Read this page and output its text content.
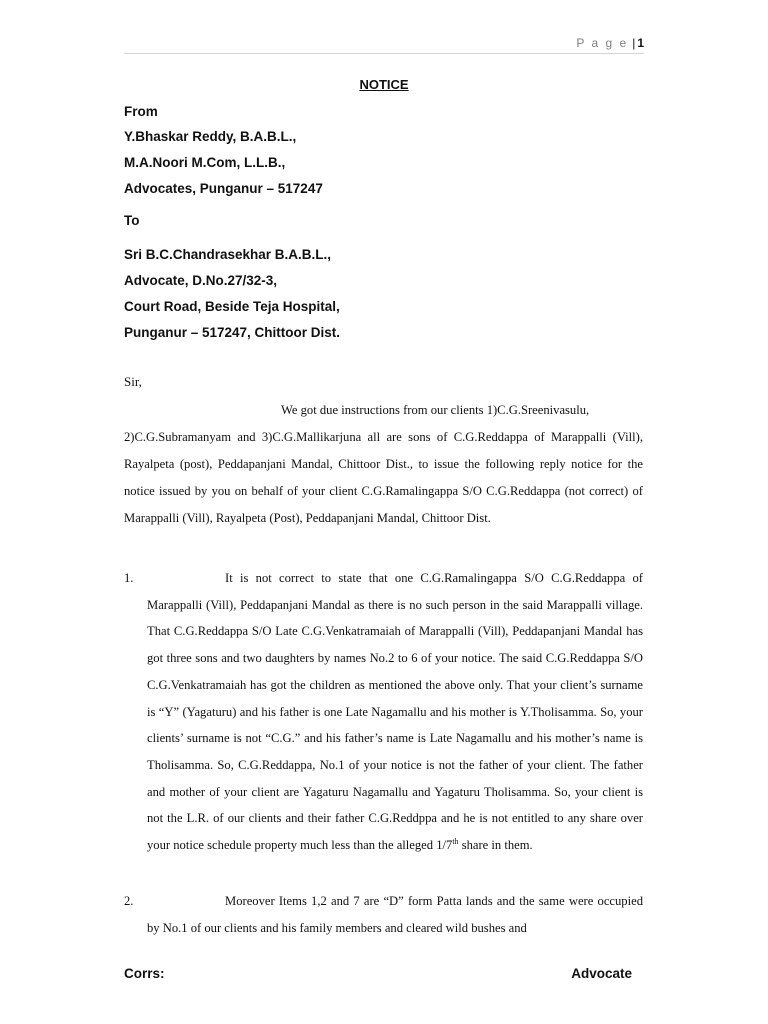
P a g e | 1
NOTICE
From
Y.Bhaskar Reddy, B.A.B.L.,
M.A.Noori M.Com, L.L.B.,
Advocates, Punganur – 517247
To
Sri B.C.Chandrasekhar B.A.B.L.,
Advocate, D.No.27/32-3,
Court Road, Beside Teja Hospital,
Punganur – 517247, Chittoor Dist.
Sir,
We got due instructions from our clients 1)C.G.Sreenivasulu,
2)C.G.Subramanyam and 3)C.G.Mallikarjuna all are sons of C.G.Reddappa of Marappalli (Vill), Rayalpeta (post), Peddapanjani Mandal, Chittoor Dist., to issue the following reply notice for the notice issued by you on behalf of your client C.G.Ramalingappa S/O C.G.Reddappa (not correct) of Marappalli (Vill), Rayalpeta (Post), Peddapanjani Mandal, Chittoor Dist.
1.	It is not correct to state that one C.G.Ramalingappa S/O C.G.Reddappa of Marappalli (Vill), Peddapanjani Mandal as there is no such person in the said Marappalli village. That C.G.Reddappa S/O Late C.G.Venkatramaiah of Marappalli (Vill), Peddapanjani Mandal has got three sons and two daughters by names No.2 to 6 of your notice. The said C.G.Reddappa S/O C.G.Venkatramaiah has got the children as mentioned the above only. That your client’s surname is “Y” (Yagaturu) and his father is one Late Nagamallu and his mother is Y.Tholisamma. So, your clients’ surname is not “C.G.” and his father’s name is Late Nagamallu and his mother’s name is Tholisamma. So, C.G.Reddappa, No.1 of your notice is not the father of your client. The father and mother of your client are Yagaturu Nagamallu and Yagaturu Tholisamma. So, your client is not the L.R. of our clients and their father C.G.Reddppa and he is not entitled to any share over your notice schedule property much less than the alleged 1/7th share in them.
2.	Moreover Items 1,2 and 7 are “D” form Patta lands and the same were occupied by No.1 of our clients and his family members and cleared wild bushes and
Corrs:	Advocate
